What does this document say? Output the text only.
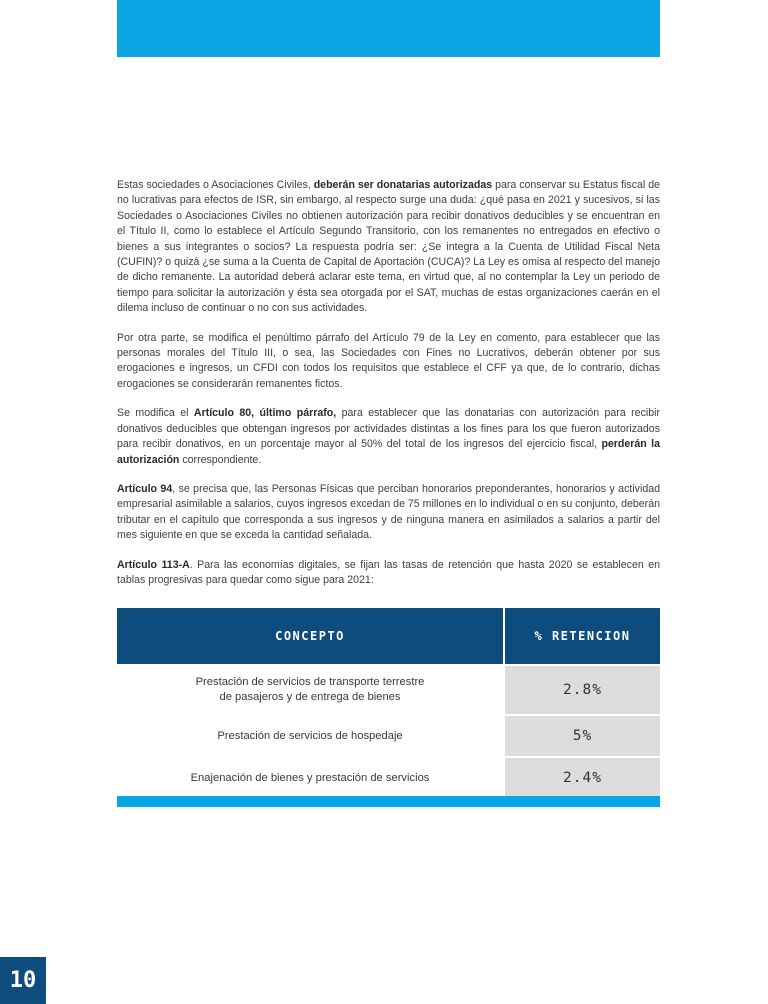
Estas sociedades o Asociaciones Civiles, deberán ser donatarias autorizadas para conservar su Estatus fiscal de no lucrativas para efectos de ISR, sin embargo, al respecto surge una duda: ¿qué pasa en 2021 y sucesivos, si las Sociedades o Asociaciones Civiles no obtienen autorización para recibir donativos deducibles y se encuentran en el Título II, como lo establece el Artículo Segundo Transitorio, con los remanentes no entregados en efectivo o bienes a sus integrantes o socios? La respuesta podría ser: ¿Se integra a la Cuenta de Utilidad Fiscal Neta (CUFIN)? o quizá ¿se suma a la Cuenta de Capital de Aportación (CUCA)? La Ley es omisa al respecto del manejo de dicho remanente. La autoridad deberá aclarar este tema, en virtud que, al no contemplar la Ley un periodo de tiempo para solicitar la autorización y ésta sea otorgada por el SAT, muchas de estas organizaciones caerán en el dilema incluso de continuar o no con sus actividades.

Por otra parte, se modifica el penúltimo párrafo del Artículo 79 de la Ley en comento, para establecer que las personas morales del Título III, o sea, las Sociedades con Fines no Lucrativos, deberán obtener por sus erogaciones e ingresos, un CFDI con todos los requisitos que establece el CFF ya que, de lo contrario, dichas erogaciones se considerarán remanentes fictos.

Se modifica el Artículo 80, último párrafo, para establecer que las donatarias con autorización para recibir donativos deducibles que obtengan ingresos por actividades distintas a los fines para los que fueron autorizados para recibir donativos, en un porcentaje mayor al 50% del total de los ingresos del ejercicio fiscal, perderán la autorización correspondiente.

Artículo 94, se precisa que, las Personas Físicas que perciban honorarios preponderantes, honorarios y actividad empresarial asimilable a salarios, cuyos ingresos excedan de 75 millones en lo individual o en su conjunto, deberán tributar en el capítulo que corresponda a sus ingresos y de ninguna manera en asimilados a salarios a partir del mes siguiente en que se exceda la cantidad señalada.

Artículo 113-A. Para las economías digitales, se fijan las tasas de retención que hasta 2020 se establecen en tablas progresivas para quedar como sigue para 2021:

CONCEPTO	% RETENCION

Prestación de servicios de transporte terrestre
de pasajeros y de entrega de bienes	2.8%

Prestación de servicios de hospedaje	5%

Enajenación de bienes y prestación de servicios	2.4%
10
